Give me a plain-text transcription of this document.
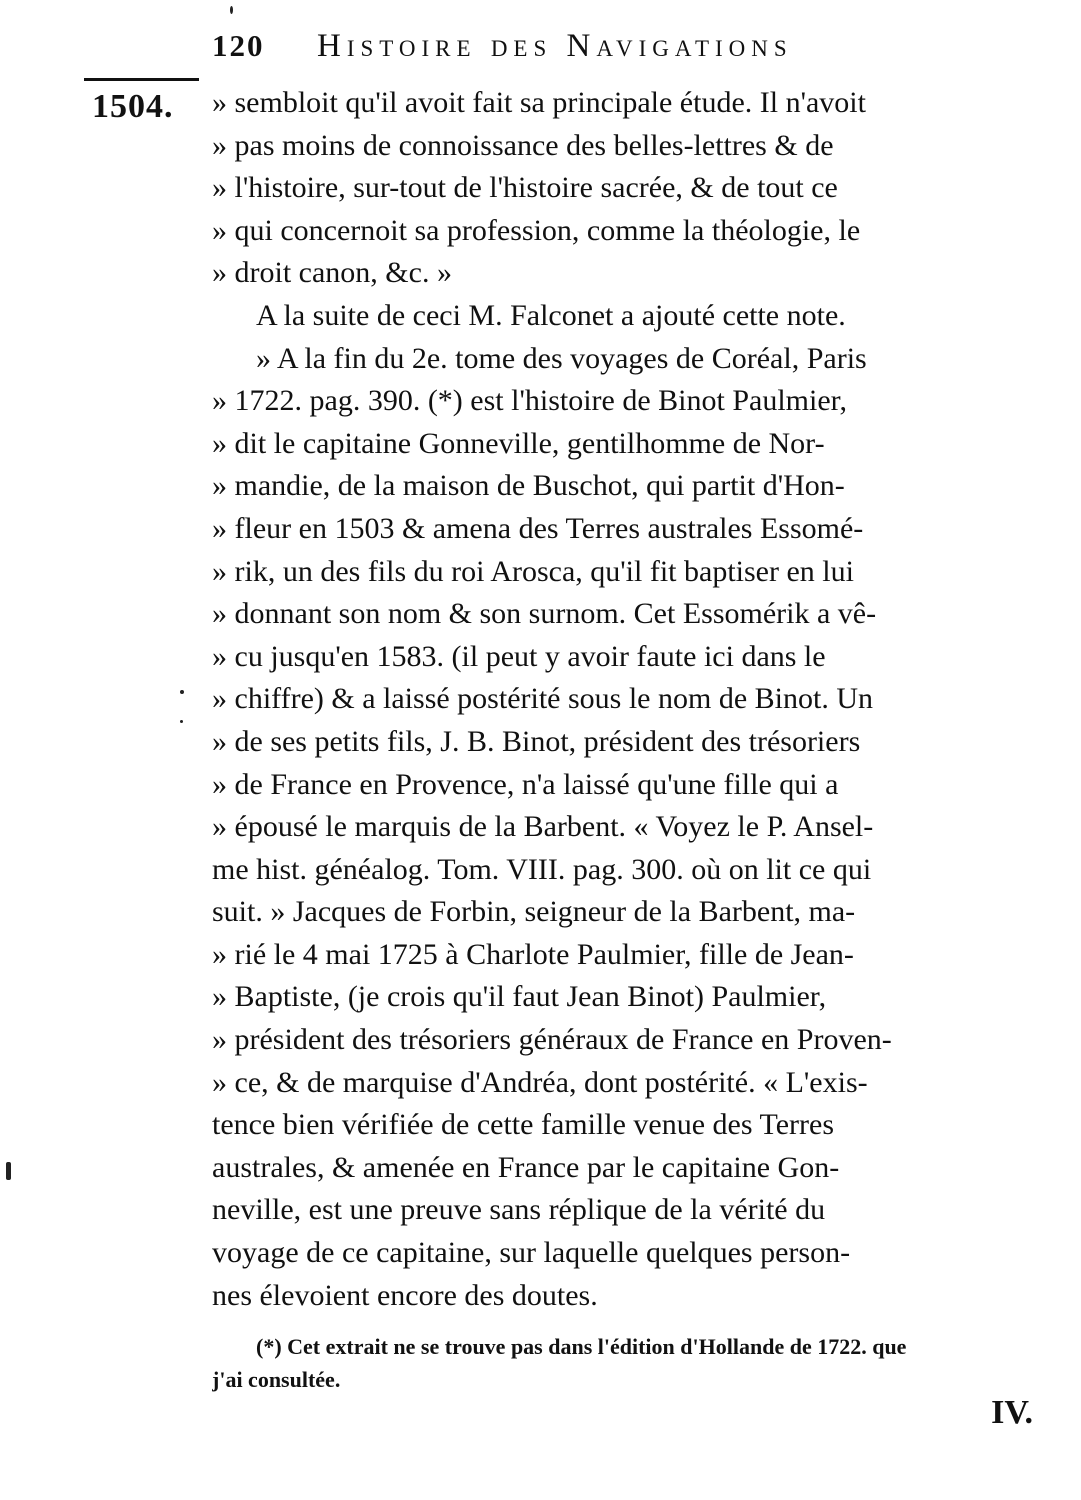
120 Histoire des Navigations
1504. » sembloit qu'il avoit fait sa principale étude. Il n'avoit
» pas moins de connoissance des belles-lettres & de
» l'histoire, sur-tout de l'histoire sacrée, & de tout ce
» qui concernoit sa profession, comme la théologie, le
» droit canon, &c. »
A la suite de ceci M. Falconet a ajouté cette note.
» A la fin du 2e. tome des voyages de Coréal, Paris
» 1722. pag. 390. (*) est l'histoire de Binot Paulmier,
» dit le capitaine Gonneville, gentilhomme de Nor-
» mandie, de la maison de Buschot, qui partit d'Hon-
» fleur en 1503 & amena des Terres australes Essomé-
» rik, un des fils du roi Arosca, qu'il fit baptiser en lui
» donnant son nom & son surnom. Cet Essomérik a vê-
» cu jusqu'en 1583. (il peut y avoir faute ici dans le
» chiffre) & a laissé postérité sous le nom de Binot. Un
» de ses petits fils, J. B. Binot, président des trésoriers
» de France en Provence, n'a laissé qu'une fille qui a
» épousé le marquis de la Barbent. « Voyez le P. Ansel-
me hist. généalog. Tom. VIII. pag. 300. où on lit ce qui
suit. » Jacques de Forbin, seigneur de la Barbent, ma-
» rié le 4 mai 1725 à Charlote Paulmier, fille de Jean-
» Baptiste, (je crois qu'il faut Jean Binot) Paulmier,
» président des trésoriers généraux de France en Proven-
» ce, & de marquise d'Andréa, dont postérité. « L'exis-
tence bien vérifiée de cette famille venue des Terres
australes, & amenée en France par le capitaine Gon-
neville, est une preuve sans réplique de la vérité du
voyage de ce capitaine, sur laquelle quelques person-
nes élevoient encore des doutes.
(*) Cet extrait ne se trouve pas dans l'édition d'Hollande de 1722. que
j'ai consultée.
IV.
